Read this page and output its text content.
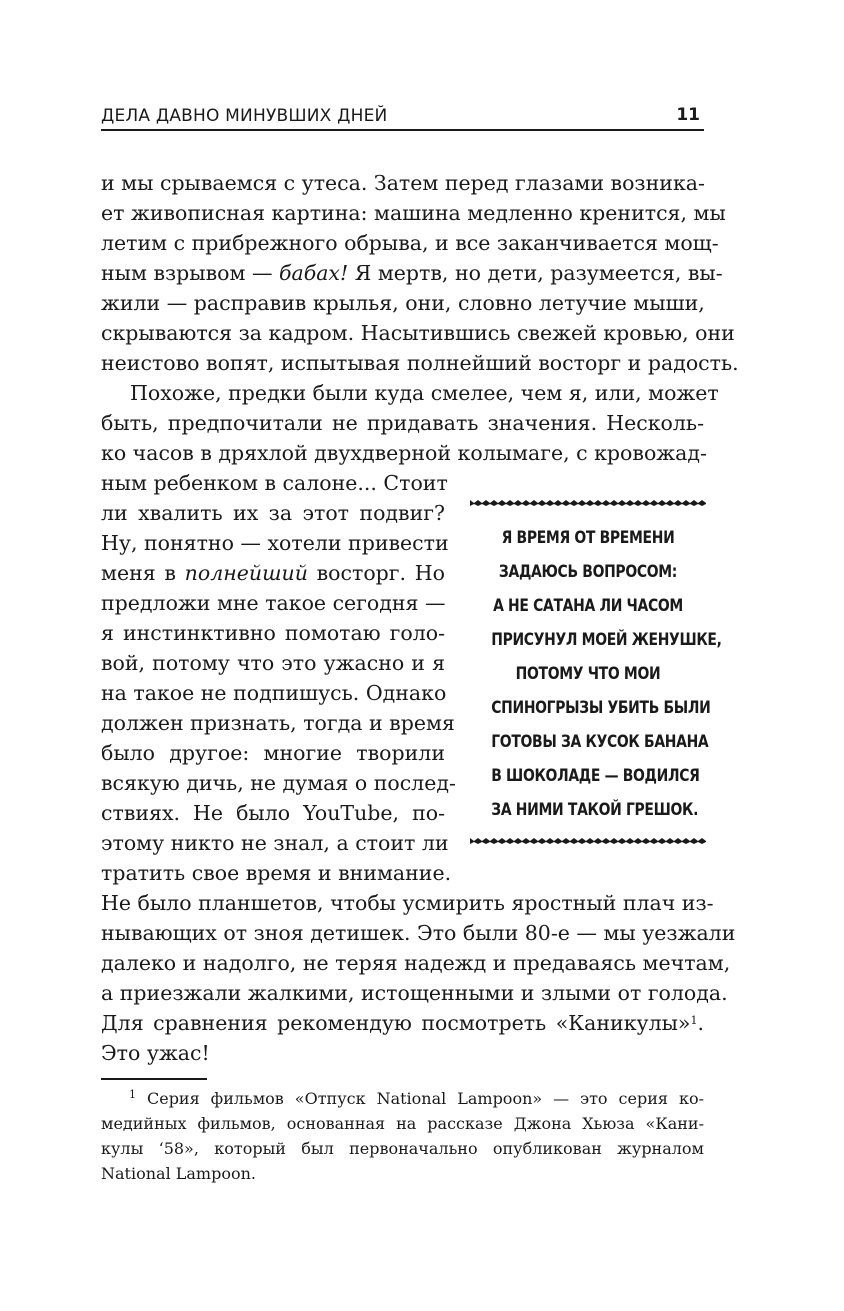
ДЕЛА ДАВНО МИНУВШИХ ДНЕЙ	11
и мы срываемся с утеса. Затем перед глазами возника-
ет живописная картина: машина медленно кренится, мы
летим с прибрежного обрыва, и все заканчивается мощ-
ным взрывом — бабах! Я мертв, но дети, разумеется, вы-
жили — расправив крылья, они, словно летучие мыши,
скрываются за кадром. Насытившись свежей кровью, они
неистово вопят, испытывая полнейший восторг и радость.
Похоже, предки были куда смелее, чем я, или, может
быть, предпочитали не придавать значения. Несколь-
ко часов в дряхлой двухдверной колымаге, с кровожад-
ным ребенком в салоне... Стоит
ли хвалить их за этот подвиг?
Ну, понятно — хотели привести
меня в полнейший восторг. Но
предложи мне такое сегодня —
я инстинктивно помотаю голо-
вой, потому что это ужасно и я
на такое не подпишусь. Однако
должен признать, тогда и время
было другое: многие творили
всякую дичь, не думая о послед-
ствиях. Не было YouTube, по-
этому никто не знал, а стоит ли
тратить свое время и внимание.
Не было планшетов, чтобы усмирить яростный плач из-
нывающих от зноя детишек. Это были 80-е — мы уезжали
далеко и надолго, не теряя надежд и предаваясь мечтам,
а приезжали жалкими, истощенными и злыми от голода.
Для сравнения рекомендую посмотреть «Каникулы»$^1$.
Это ужас!
Я ВРЕМЯ ОТ ВРЕМЕНИ
ЗАДАЮСЬ ВОПРОСОМ:
А НЕ САТАНА ЛИ ЧАСОМ
ПРИСУНУЛ МОЕЙ ЖЕНУШКЕ,
ПОТОМУ ЧТО МОИ
СПИНОГРЫЗЫ УБИТЬ БЫЛИ
ГОТОВЫ ЗА КУСОК БАНАНА
В ШОКОЛАДЕ — ВОДИЛСЯ
ЗА НИМИ ТАКОЙ ГРЕШОК.
$^1$ Серия фильмов «Отпуск National Lampoon» — это серия ко-
медийных фильмов, основанная на рассказе Джона Хьюза «Кани-
кулы ‘58», который был первоначально опубликован журналом
National Lampoon.
